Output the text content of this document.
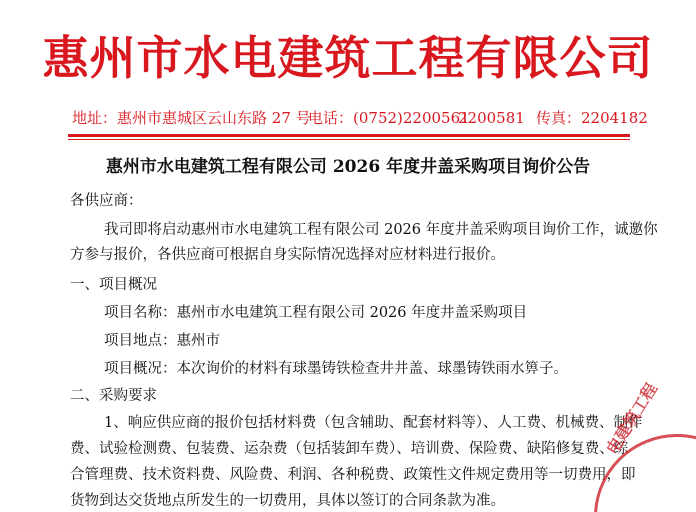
惠州市水电建筑工程有限公司
地址：惠州市惠城区云山东路 27 号
电话：(0752)2200561
2200581 传真：2204182
惠州市水电建筑工程有限公司 2026 年度井盖采购项目询价公告
各供应商：
我司即将启动惠州市水电建筑工程有限公司 2026 年度井盖采购项目询价工作，诚邀你
方参与报价，各供应商可根据自身实际情况选择对应材料进行报价。
一、项目概况
项目名称：惠州市水电建筑工程有限公司 2026 年度井盖采购项目
项目地点：惠州市
项目概况：本次询价的材料有球墨铸铁检查井井盖、球墨铸铁雨水箅子。
二、采购要求
1、响应供应商的报价包括材料费（包含辅助、配套材料等）、人工费、机械费、制作
费、试验检测费、包装费、运杂费（包括装卸车费）、培训费、保险费、缺陷修复费、综
合管理费、技术资料费、风险费、利润、各种税费、政策性文件规定费用等一切费用，即
货物到达交货地点所发生的一切费用，具体以签订的合同条款为准。
电建筑工程
